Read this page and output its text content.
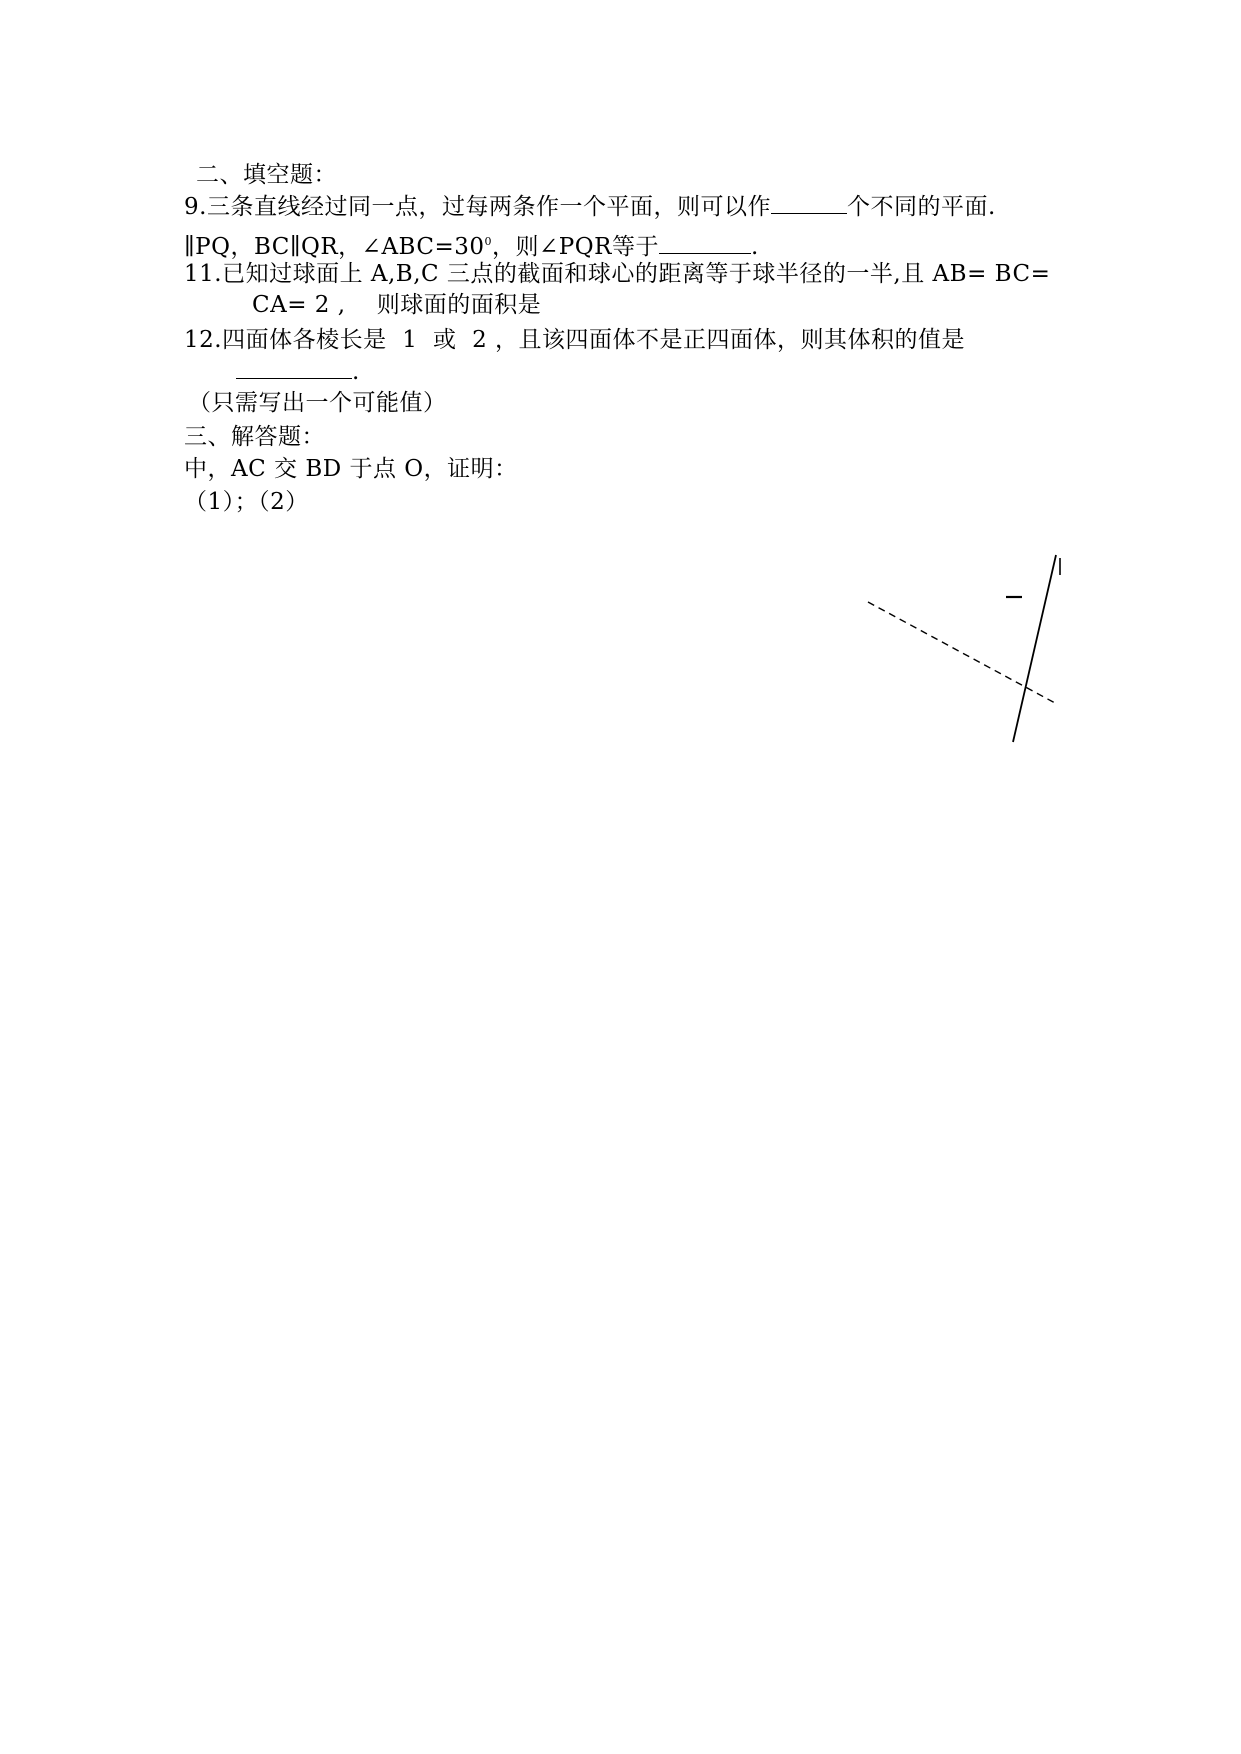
二、填空题：
9.三条直线经过同一点，过每两条作一个平面，则可以作	个不同的平面.
∥PQ，BC∥QR，$\angle ABC=30^0$，则∠PQR等于	.
11.已知过球面上 A,B,C 三点的截面和球心的距离等于球半径的一半,且 AB= BC=
CA= 2 ,    则球面的面积是
12.四面体各棱长是  1  或  2 ，且该四面体不是正四面体，则其体积的值是
.
（只需写出一个可能值）
三、解答题：
中，AC 交 BD 于点 O，证明：
（1）；（2）
